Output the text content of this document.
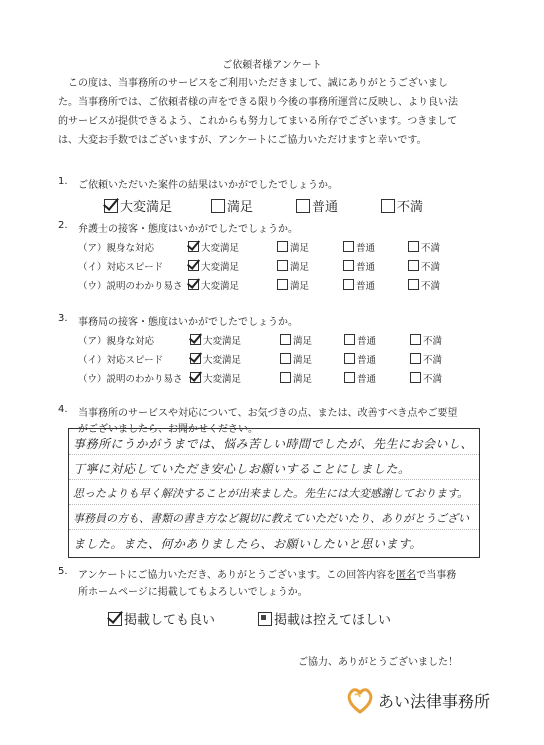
ご依頼者様アンケート

この度は、当事務所のサービスをご利用いただきまして、誠にありがとうございまし

た。当事務所では、ご依頼者様の声をできる限り今後の事務所運営に反映し、より良い法

的サービスが提供できるよう、これからも努力してまいる所存でございます。つきまして

は、大変お手数ではございますが、アンケートにご協力いただけますと幸いです。

1. ご依頼いただいた案件の結果はいかがでしたでしょうか。
大変満足	満足	普通	不満
2. 弁護士の接客・態度はいかがでしたでしょうか。
（ア）親身な対応	大変満足	満足	普通	不満
（イ）対応スピード	大変満足	満足	普通	不満
（ウ）説明のわかり易さ	大変満足	満足	普通	不満
3. 事務局の接客・態度はいかがでしたでしょうか。
（ア）親身な対応	大変満足	満足	普通	不満
（イ）対応スピード	大変満足	満足	普通	不満
（ウ）説明のわかり易さ	大変満足	満足	普通	不満
4. 当事務所のサービスや対応について、お気づきの点、または、改善すべき点やご要望
がございましたら、お聞かせください。
事務所にうかがうまでは、悩み苦しい時間でしたが、先生にお会いし、
丁寧に対応していただき安心しお願いすることにしました。
思ったよりも早く解決することが出来ました。先生には大変感謝しております。
事務員の方も、書類の書き方など親切に教えていただいたり、ありがとうござい
ました。また、何かありましたら、お願いしたいと思います。
5. アンケートにご協力いただき、ありがとうございます。この回答内容を匿名で当事務
所ホームページに掲載してもよろしいでしょうか。
掲載しても良い	掲載は控えてほしい
ご協力、ありがとうございました！
あい法律事務所
